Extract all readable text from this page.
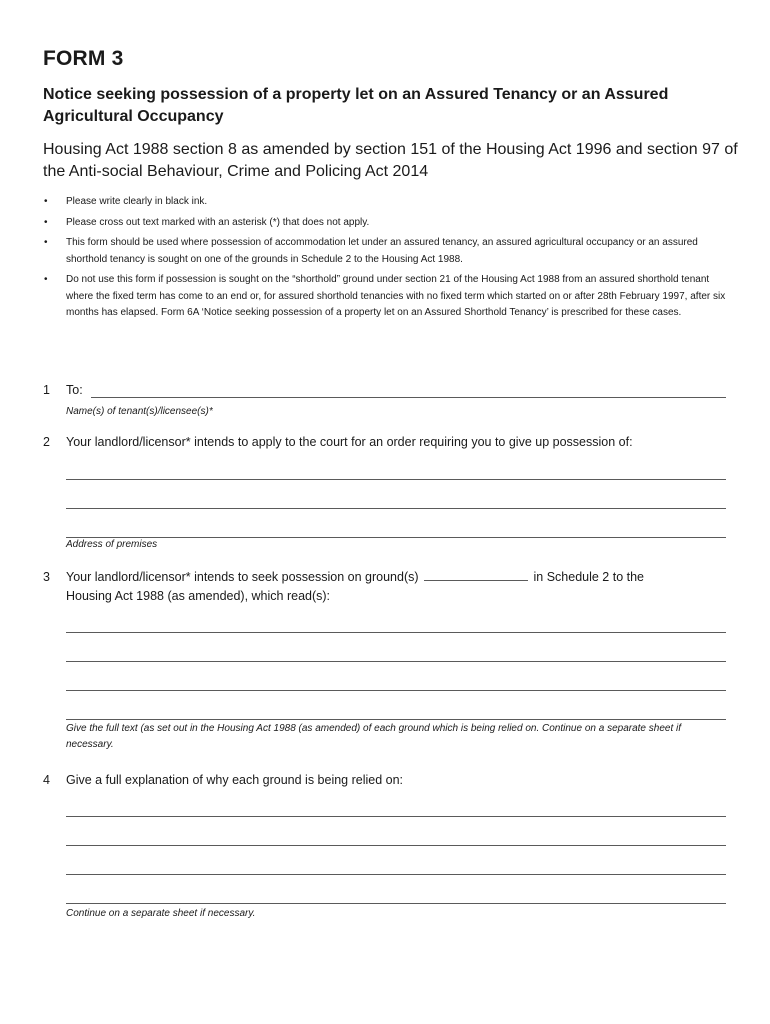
FORM 3
Notice seeking possession of a property let on an Assured Tenancy or an Assured Agricultural Occupancy
Housing Act 1988 section 8 as amended by section 151 of the Housing Act 1996 and section 97 of the Anti-social Behaviour, Crime and Policing Act 2014
• Please write clearly in black ink.
• Please cross out text marked with an asterisk (*) that does not apply.
• This form should be used where possession of accommodation let under an assured tenancy, an assured agricultural occupancy or an assured shorthold tenancy is sought on one of the grounds in Schedule 2 to the Housing Act 1988.
• Do not use this form if possession is sought on the “shorthold” ground under section 21 of the Housing Act 1988 from an assured shorthold tenant where the fixed term has come to an end or, for assured shorthold tenancies with no fixed term which started on or after 28th February 1997, after six months has elapsed. Form 6A ‘Notice seeking possession of a property let on an Assured Shorthold Tenancy’ is prescribed for these cases.
1 To:
Name(s) of tenant(s)/licensee(s)*
2 Your landlord/licensor* intends to apply to the court for an order requiring you to give up possession of:
Address of premises
3 Your landlord/licensor* intends to seek possession on ground(s)	in Schedule 2 to the
Housing Act 1988 (as amended), which read(s):
Give the full text (as set out in the Housing Act 1988 (as amended) of each ground which is being relied on. Continue on a separate sheet if necessary.
4 Give a full explanation of why each ground is being relied on:
Continue on a separate sheet if necessary.
